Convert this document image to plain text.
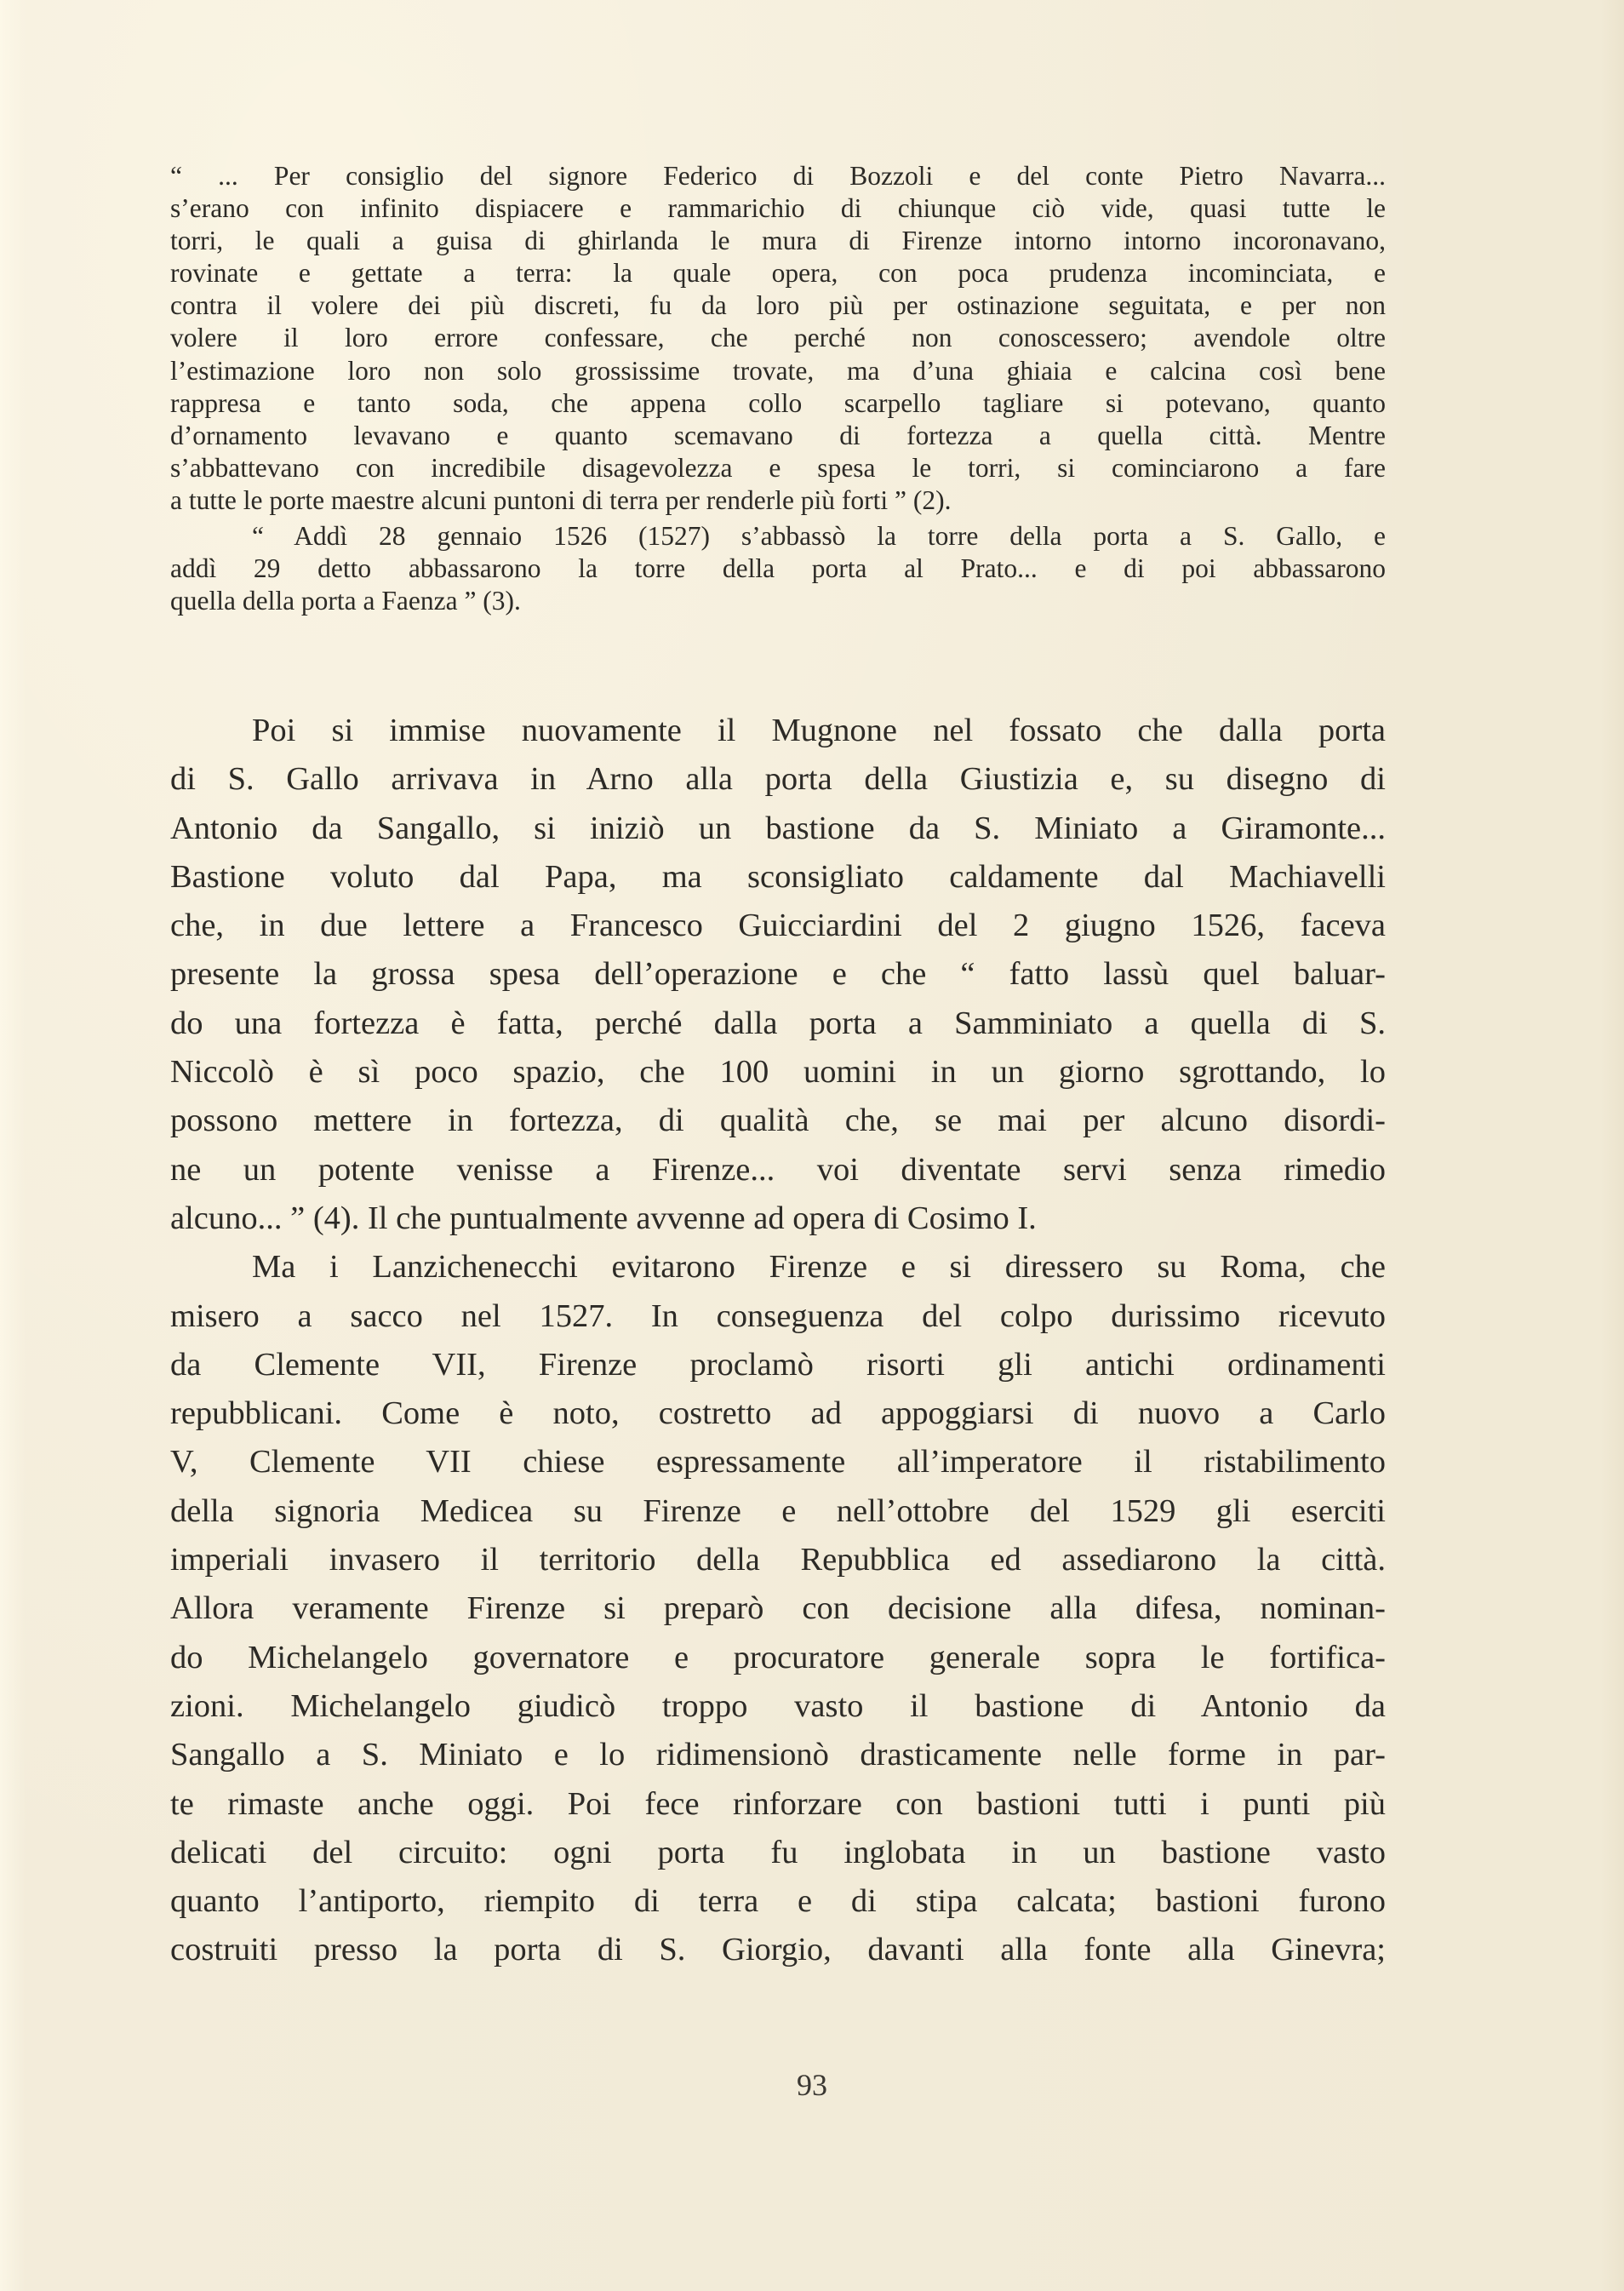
“ ... Per consiglio del signore Federico di Bozzoli e del conte Pietro Navarra...
s’erano con infinito dispiacere e rammarichio di chiunque ciò vide, quasi tutte le
torri, le quali a guisa di ghirlanda le mura di Firenze intorno intorno incoronavano,
rovinate e gettate a terra: la quale opera, con poca prudenza incominciata, e
contra il volere dei più discreti, fu da loro più per ostinazione seguitata, e per non
volere il loro errore confessare, che perché non conoscessero; avendole oltre
l’estimazione loro non solo grossissime trovate, ma d’una ghiaia e calcina così bene
rappresa e tanto soda, che appena collo scarpello tagliare si potevano, quanto
d’ornamento levavano e quanto scemavano di fortezza a quella città. Mentre
s’abbattevano con incredibile disagevolezza e spesa le torri, si cominciarono a fare
a tutte le porte maestre alcuni puntoni di terra per renderle più forti ” (2).
“ Addì 28 gennaio 1526 (1527) s’abbassò la torre della porta a S. Gallo, e
addì 29 detto abbassarono la torre della porta al Prato... e di poi abbassarono
quella della porta a Faenza ” (3).
Poi si immise nuovamente il Mugnone nel fossato che dalla porta
di S. Gallo arrivava in Arno alla porta della Giustizia e, su disegno di
Antonio da Sangallo, si iniziò un bastione da S. Miniato a Giramonte...
Bastione voluto dal Papa, ma sconsigliato caldamente dal Machiavelli
che, in due lettere a Francesco Guicciardini del 2 giugno 1526, faceva
presente la grossa spesa dell’operazione e che “ fatto lassù quel baluar-
do una fortezza è fatta, perché dalla porta a Samminiato a quella di S.
Niccolò è sì poco spazio, che 100 uomini in un giorno sgrottando, lo
possono mettere in fortezza, di qualità che, se mai per alcuno disordi-
ne un potente venisse a Firenze... voi diventate servi senza rimedio
alcuno... ” (4). Il che puntualmente avvenne ad opera di Cosimo I.
Ma i Lanzichenecchi evitarono Firenze e si diressero su Roma, che
misero a sacco nel 1527. In conseguenza del colpo durissimo ricevuto
da Clemente VII, Firenze proclamò risorti gli antichi ordinamenti
repubblicani. Come è noto, costretto ad appoggiarsi di nuovo a Carlo
V, Clemente VII chiese espressamente all’imperatore il ristabilimento
della signoria Medicea su Firenze e nell’ottobre del 1529 gli eserciti
imperiali invasero il territorio della Repubblica ed assediarono la città.
Allora veramente Firenze si preparò con decisione alla difesa, nominan-
do Michelangelo governatore e procuratore generale sopra le fortifica-
zioni. Michelangelo giudicò troppo vasto il bastione di Antonio da
Sangallo a S. Miniato e lo ridimensionò drasticamente nelle forme in par-
te rimaste anche oggi. Poi fece rinforzare con bastioni tutti i punti più
delicati del circuito: ogni porta fu inglobata in un bastione vasto
quanto l’antiporto, riempito di terra e di stipa calcata; bastioni furono
costruiti presso la porta di S. Giorgio, davanti alla fonte alla Ginevra;
93
